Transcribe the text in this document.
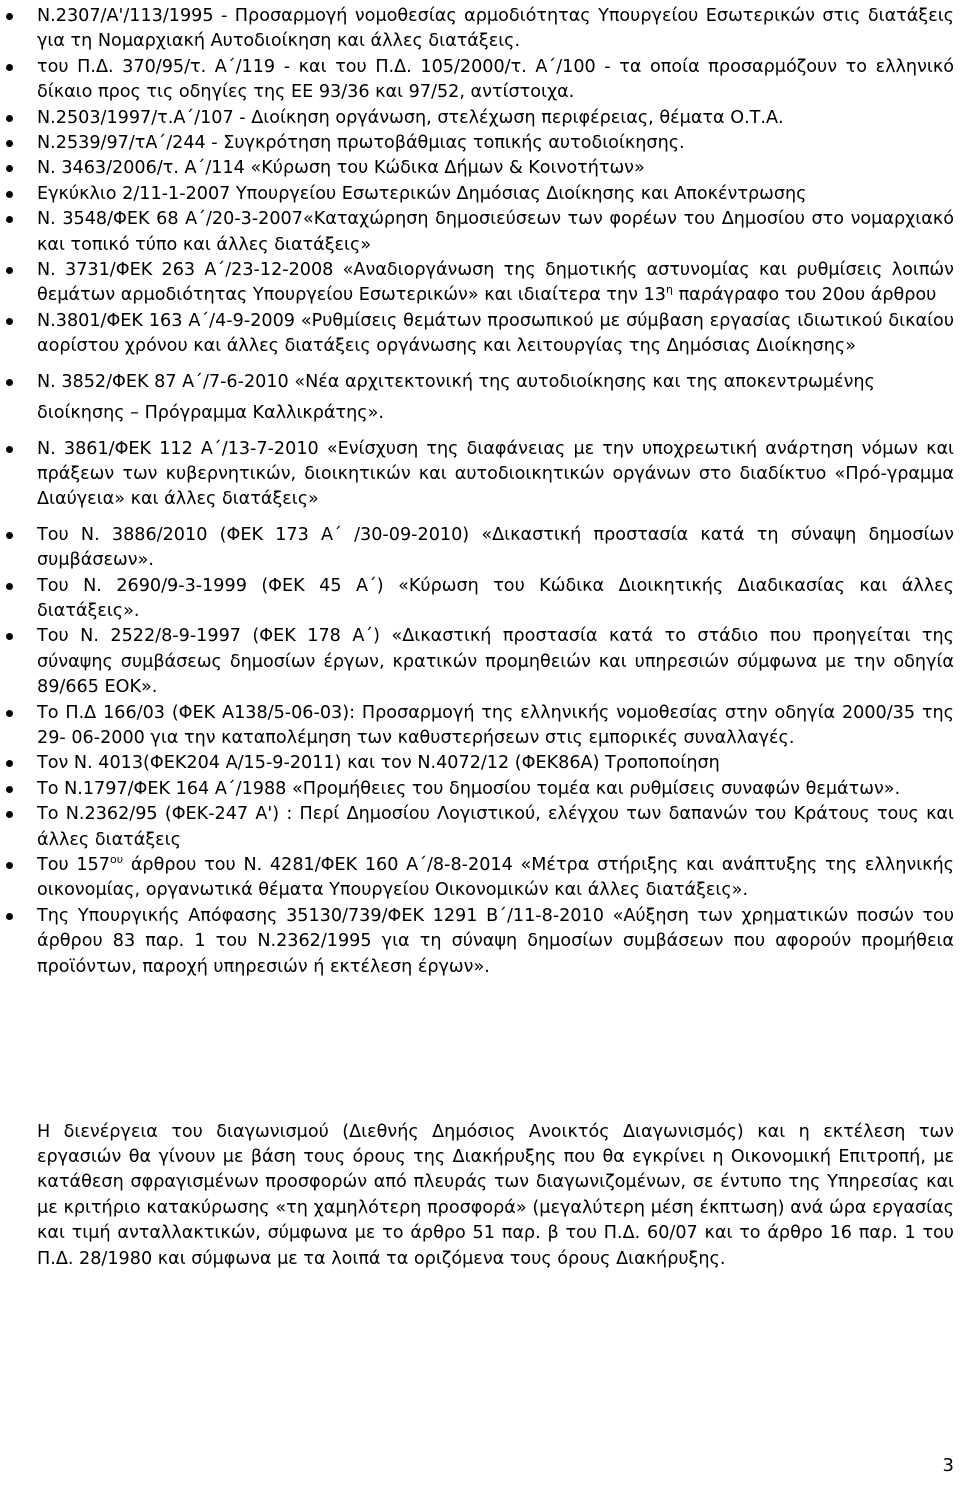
Ν.2307/Α'/113/1995 - Προσαρμογή νομοθεσίας αρμοδιότητας Υπουργείου Εσωτερικών στις διατάξεις για τη Νομαρχιακή Αυτοδιοίκηση και άλλες διατάξεις.
του Π.Δ. 370/95/τ. Α΄/119 - και του Π.Δ. 105/2000/τ. Α΄/100 - τα οποία προσαρμόζουν το ελληνικό δίκαιο προς τις οδηγίες της ΕΕ 93/36 και 97/52, αντίστοιχα.
Ν.2503/1997/τ.Α΄/107 - Διοίκηση οργάνωση, στελέχωση περιφέρειας, θέματα Ο.Τ.Α.
Ν.2539/97/τΑ΄/244 - Συγκρότηση πρωτοβάθμιας τοπικής αυτοδιοίκησης.
Ν. 3463/2006/τ. Α΄/114 «Κύρωση του Κώδικα Δήμων & Κοινοτήτων»
Εγκύκλιο 2/11-1-2007 Υπουργείου Εσωτερικών Δημόσιας Διοίκησης και Αποκέντρωσης
Ν. 3548/ΦΕΚ 68 Α΄/20-3-2007«Καταχώρηση δημοσιεύσεων των φορέων του Δημοσίου στο νομαρχιακό και τοπικό τύπο και άλλες διατάξεις»
Ν. 3731/ΦΕΚ 263 Α΄/23-12-2008 «Αναδιοργάνωση της δημοτικής αστυνομίας και ρυθμίσεις λοιπών θεμάτων αρμοδιότητας Υπουργείου Εσωτερικών» και ιδιαίτερα την $13^\eta$ παράγραφο του 20ου άρθρου
Ν.3801/ΦΕΚ 163 Α΄/4-9-2009 «Ρυθμίσεις θεμάτων προσωπικού με σύμβαση εργασίας ιδιωτικού δικαίου αορίστου χρόνου και άλλες διατάξεις οργάνωσης και λειτουργίας της Δημόσιας Διοίκησης»
Ν. 3852/ΦΕΚ 87 Α΄/7-6-2010 «Νέα αρχιτεκτονική της αυτοδιοίκησης και της αποκεντρωμένης
διοίκησης – Πρόγραμμα Καλλικράτης».
Ν. 3861/ΦΕΚ 112 Α΄/13-7-2010 «Ενίσχυση της διαφάνειας με την υποχρεωτική ανάρτηση νόμων και πράξεων των κυβερνητικών, διοικητικών και αυτοδιοικητικών οργάνων στο διαδίκτυο «Πρό-γραμμα Διαύγεια» και άλλες διατάξεις»
Του Ν. 3886/2010 (ΦΕΚ 173 Α΄ /30-09-2010) «Δικαστική προστασία κατά τη σύναψη δημοσίων συμβάσεων».
Του Ν. 2690/9-3-1999 (ΦΕΚ 45 Α΄) «Κύρωση του Κώδικα Διοικητικής Διαδικασίας και άλλες διατάξεις».
Του Ν. 2522/8-9-1997 (ΦΕΚ 178 Α΄) «Δικαστική προστασία κατά το στάδιο που προηγείται της σύναψης συμβάσεως δημοσίων έργων, κρατικών προμηθειών και υπηρεσιών σύμφωνα με την οδηγία 89/665 ΕΟΚ».
Το Π.Δ 166/03 (ΦΕΚ Α138/5-06-03): Προσαρμογή της ελληνικής νομοθεσίας στην οδηγία 2000/35 της 29- 06-2000 για την καταπολέμηση των καθυστερήσεων στις εμπορικές συναλλαγές.
Τον Ν. 4013(ΦΕΚ204 Α/15-9-2011) και τον Ν.4072/12 (ΦΕΚ86Α) Τροποποίηση
Το Ν.1797/ΦΕΚ 164 Α΄/1988 «Προμήθειες του δημοσίου τομέα και ρυθμίσεις συναφών θεμάτων».
Το Ν.2362/95 (ΦΕΚ-247 Α') : Περί Δημοσίου Λογιστικού, ελέγχου των δαπανών του Κράτους τους και άλλες διατάξεις
Του $157^{o\upsilon}$ άρθρου του Ν. 4281/ΦΕΚ 160 Α΄/8-8-2014 «Μέτρα στήριξης και ανάπτυξης της ελληνικής οικονομίας, οργανωτικά θέματα Υπουργείου Οικονομικών και άλλες διατάξεις».
Της Υπουργικής Απόφασης 35130/739/ΦΕΚ 1291 Β΄/11-8-2010 «Αύξηση των χρηματικών ποσών του άρθρου 83 παρ. 1 του Ν.2362/1995 για τη σύναψη δημοσίων συμβάσεων που αφορούν προμήθεια προϊόντων, παροχή υπηρεσιών ή εκτέλεση έργων».

Η διενέργεια του διαγωνισμού (Διεθνής Δημόσιος Ανοικτός Διαγωνισμός) και η εκτέλεση των εργασιών θα γίνουν με βάση τους όρους της Διακήρυξης που θα εγκρίνει η Οικονομική Επιτροπή, με κατάθεση σφραγισμένων προσφορών από πλευράς των διαγωνιζομένων, σε έντυπο της Υπηρεσίας και με κριτήριο κατακύρωσης «τη χαμηλότερη προσφορά» (μεγαλύτερη μέση έκπτωση) ανά ώρα εργασίας και τιμή ανταλλακτικών, σύμφωνα με το άρθρο 51 παρ. β του Π.Δ. 60/07 και το άρθρο 16 παρ. 1 του Π.Δ. 28/1980 και σύμφωνα με τα λοιπά τα οριζόμενα τους όρους Διακήρυξης.

3
